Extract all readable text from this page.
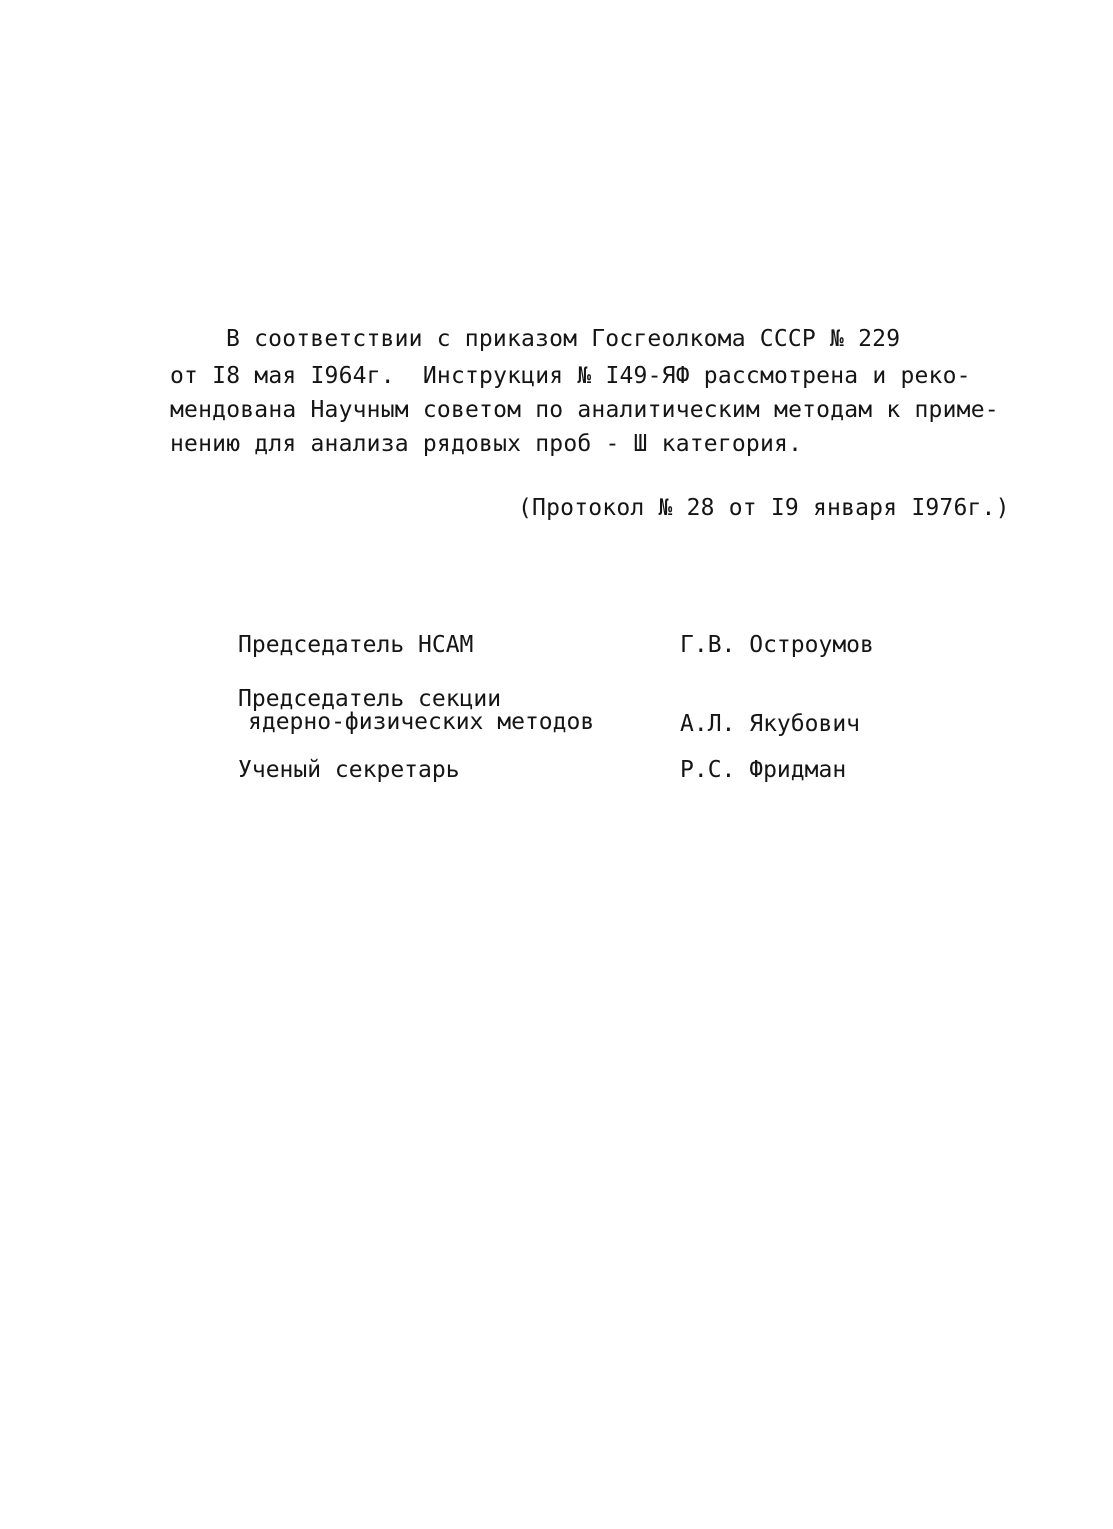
В соответствии с приказом Госгеолкома СССР № 229
от I8 мая I964г.  Инструкция № I49-ЯФ рассмотрена и реко-
мендована Научным советом по аналитическим методам к приме-
нению для анализа рядовых проб - Ш категория.
(Протокол № 28 от I9 января I976г.)
Председатель НСАМ	Г.В. Остроумов
Председатель секции
ядерно-физических методов	А.Л. Якубович
Ученый секретарь	Р.С. Фридман
